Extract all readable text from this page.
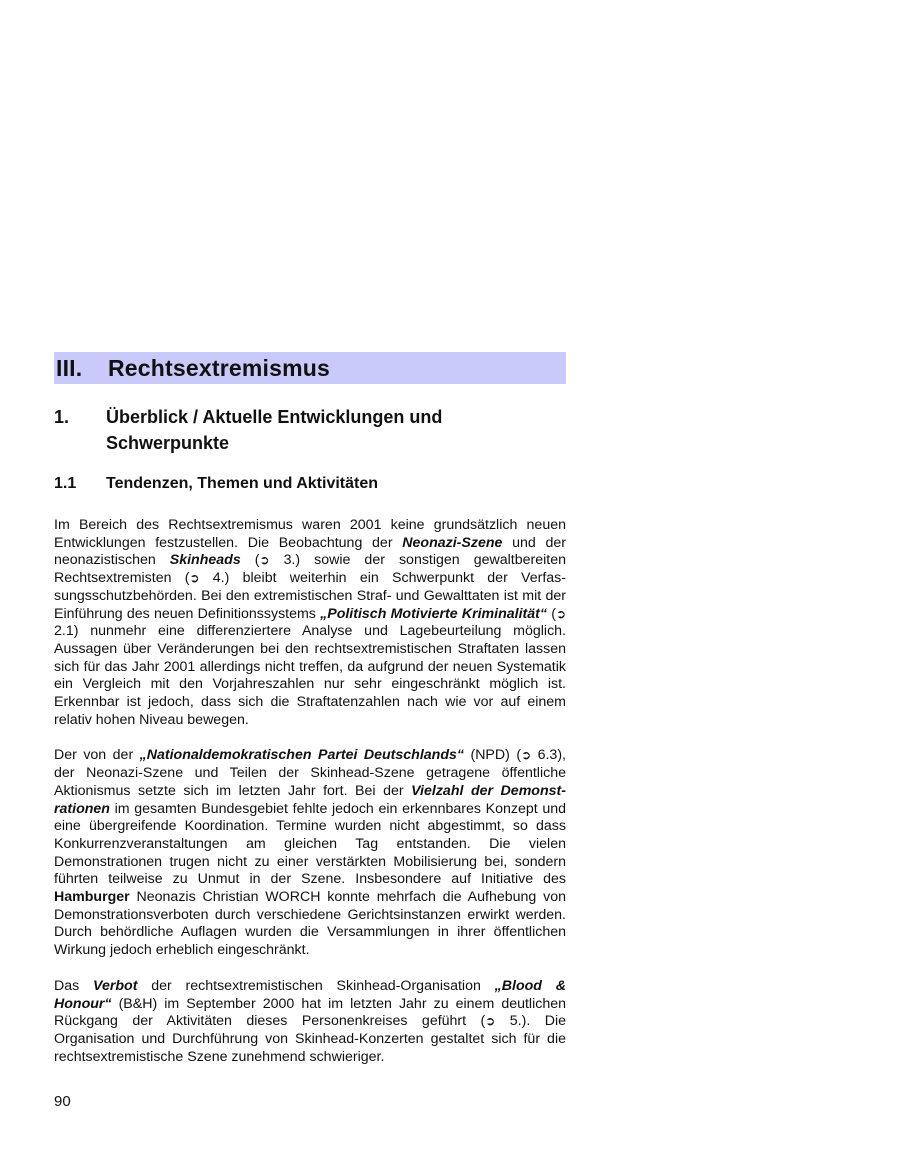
III.	Rechtsextremismus
1.	Überblick / Aktuelle Entwicklungen und Schwerpunkte
1.1	Tendenzen, Themen und Aktivitäten

Im Bereich des Rechtsextremismus waren 2001 keine grundsätzlich neuen Entwicklungen festzustellen. Die Beobachtung der Neonazi-Szene und der neonazistischen Skinheads (➲ 3.) sowie der sonstigen gewaltbereiten Rechtsextremisten (➲ 4.) bleibt weiterhin ein Schwerpunkt der Verfassungsschutzbehörden. Bei den extremistischen Straf- und Gewalttaten ist mit der Einführung des neuen Definitionssystems „Politisch Motivierte Kriminalität“ (➲ 2.1) nunmehr eine differenziertere Analyse und Lagebeurteilung möglich. Aussagen über Veränderungen bei den rechtsextremistischen Straftaten lassen sich für das Jahr 2001 allerdings nicht treffen, da aufgrund der neuen Systematik ein Vergleich mit den Vorjahreszahlen nur sehr eingeschränkt möglich ist. Erkennbar ist jedoch, dass sich die Straftatenzahlen nach wie vor auf einem relativ hohen Niveau bewegen.

Der von der „Nationaldemokratischen Partei Deutschlands“ (NPD) (➲ 6.3), der Neonazi-Szene und Teilen der Skinhead-Szene getragene öffentliche Aktionismus setzte sich im letzten Jahr fort. Bei der Vielzahl der Demonstrationen im gesamten Bundesgebiet fehlte jedoch ein erkennbares Konzept und eine übergreifende Koordination. Termine wurden nicht abgestimmt, so dass Konkurrenzveranstaltungen am gleichen Tag entstanden. Die vielen Demonstrationen trugen nicht zu einer verstärkten Mobilisierung bei, sondern führten teilweise zu Unmut in der Szene. Insbesondere auf Initiative des Hamburger Neonazis Christian WORCH konnte mehrfach die Aufhebung von Demonstrationsverboten durch verschiedene Gerichtsinstanzen erwirkt werden. Durch behördliche Auflagen wurden die Versammlungen in ihrer öffentlichen Wirkung jedoch erheblich eingeschränkt.

Das Verbot der rechtsextremistischen Skinhead-Organisation „Blood & Honour“ (B&H) im September 2000 hat im letzten Jahr zu einem deutlichen Rückgang der Aktivitäten dieses Personenkreises geführt (➲ 5.). Die Organisation und Durchführung von Skinhead-Konzerten gestaltet sich für die rechtsextremistische Szene zunehmend schwieriger.

90
